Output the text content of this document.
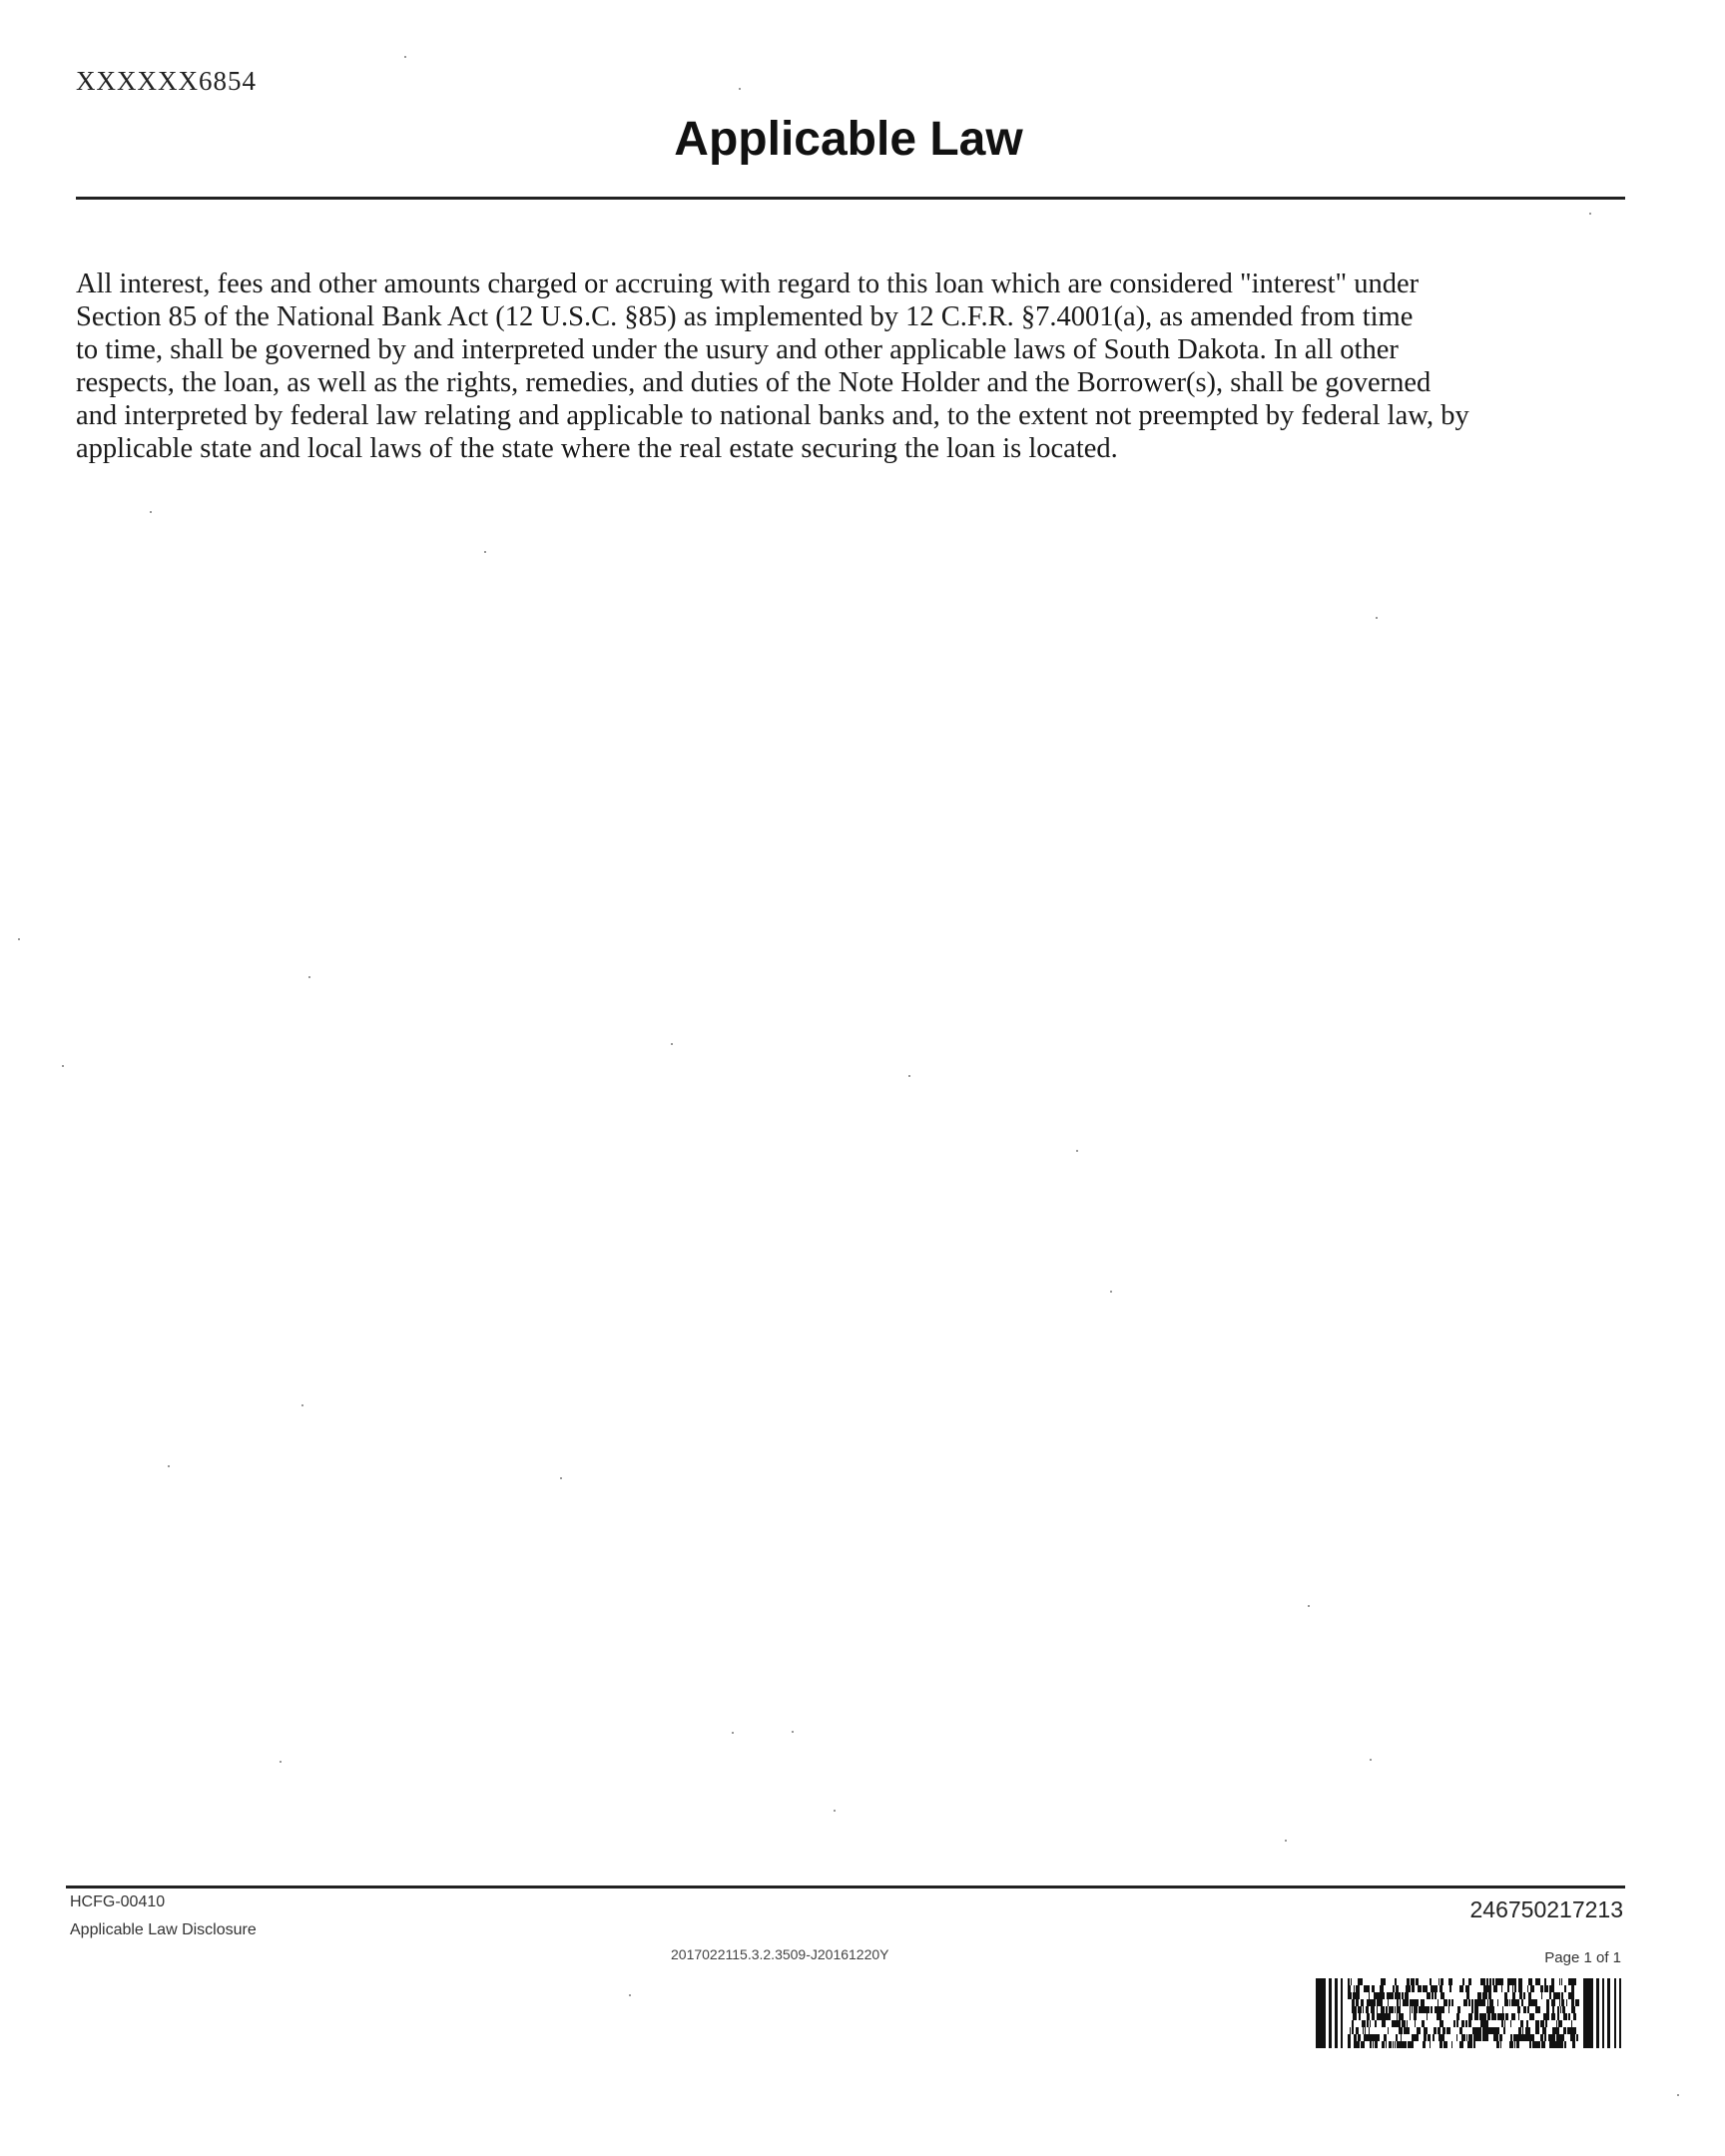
XXXXXX6854
Applicable Law
All interest, fees and other amounts charged or accruing with regard to this loan which are considered "interest" under
Section 85 of the National Bank Act (12 U.S.C. §85) as implemented by 12 C.F.R. §7.4001(a), as amended from time
to time, shall be governed by and interpreted under the usury and other applicable laws of South Dakota. In all other
respects, the loan, as well as the rights, remedies, and duties of the Note Holder and the Borrower(s), shall be governed
and interpreted by federal law relating and applicable to national banks and, to the extent not preempted by federal law, by
applicable state and local laws of the state where the real estate securing the loan is located.
HCFG-00410
Applicable Law Disclosure
246750217213
2017022115.3.2.3509-J20161220Y	Page 1 of 1
